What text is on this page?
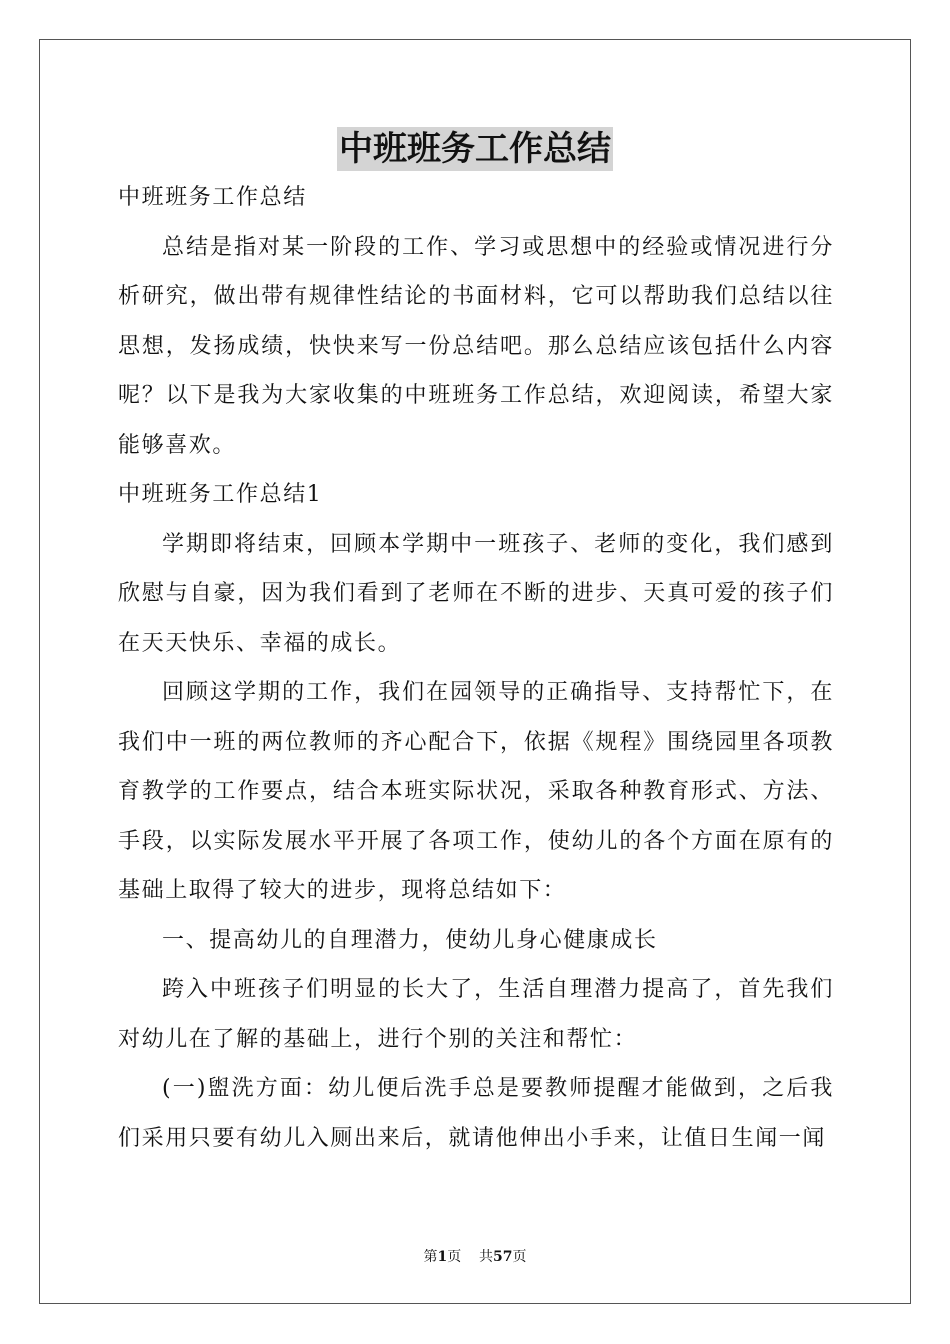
中班班务工作总结

中班班务工作总结

总结是指对某一阶段的工作、学习或思想中的经验或情况进行分析研究，做出带有规律性结论的书面材料，它可以帮助我们总结以往思想，发扬成绩，快快来写一份总结吧。那么总结应该包括什么内容呢？以下是我为大家收集的中班班务工作总结，欢迎阅读，希望大家能够喜欢。

中班班务工作总结1

学期即将结束，回顾本学期中一班孩子、老师的变化，我们感到欣慰与自豪，因为我们看到了老师在不断的进步、天真可爱的孩子们在天天快乐、幸福的成长。

回顾这学期的工作，我们在园领导的正确指导、支持帮忙下，在我们中一班的两位教师的齐心配合下，依据《规程》围绕园里各项教育教学的工作要点，结合本班实际状况，采取各种教育形式、方法、手段，以实际发展水平开展了各项工作，使幼儿的各个方面在原有的基础上取得了较大的进步，现将总结如下：

一、提高幼儿的自理潜力，使幼儿身心健康成长

跨入中班孩子们明显的长大了，生活自理潜力提高了，首先我们对幼儿在了解的基础上，进行个别的关注和帮忙：

(一)盥洗方面：幼儿便后洗手总是要教师提醒才能做到，之后我们采用只要有幼儿入厕出来后，就请他伸出小手来，让值日生闻一闻

第1页 共57页
